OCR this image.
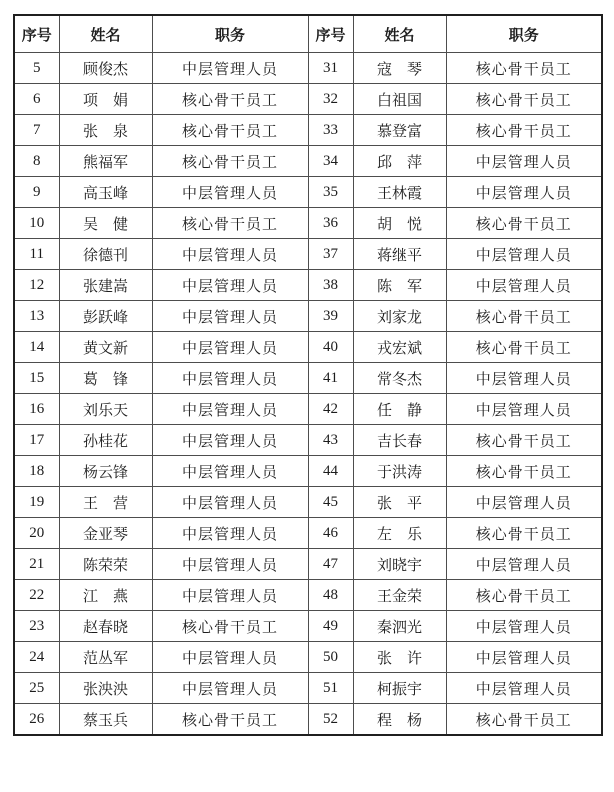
序号	姓名	职务	序号	姓名	职务
5	顾俊杰	中层管理人员	31	寇　琴	核心骨干员工
6	项　娟	核心骨干员工	32	白祖国	核心骨干员工
7	张　泉	核心骨干员工	33	慕登富	核心骨干员工
8	熊福军	核心骨干员工	34	邱　萍	中层管理人员
9	高玉峰	中层管理人员	35	王林霞	中层管理人员
10	吴　健	核心骨干员工	36	胡　悦	核心骨干员工
11	徐德刊	中层管理人员	37	蒋继平	中层管理人员
12	张建嵩	中层管理人员	38	陈　军	中层管理人员
13	彭跃峰	中层管理人员	39	刘家龙	核心骨干员工
14	黄文新	中层管理人员	40	戎宏斌	核心骨干员工
15	葛　锋	中层管理人员	41	常冬杰	中层管理人员
16	刘乐天	中层管理人员	42	任　静	中层管理人员
17	孙桂花	中层管理人员	43	吉长春	核心骨干员工
18	杨云锋	中层管理人员	44	于洪涛	核心骨干员工
19	王　营	中层管理人员	45	张　平	中层管理人员
20	金亚琴	中层管理人员	46	左　乐	核心骨干员工
21	陈荣荣	中层管理人员	47	刘晓宇	中层管理人员
22	江　燕	中层管理人员	48	王金荣	核心骨干员工
23	赵春晓	核心骨干员工	49	秦泗光	中层管理人员
24	范丛军	中层管理人员	50	张　许	中层管理人员
25	张泱泱	中层管理人员	51	柯振宇	中层管理人员
26	蔡玉兵	核心骨干员工	52	程　杨	核心骨干员工
